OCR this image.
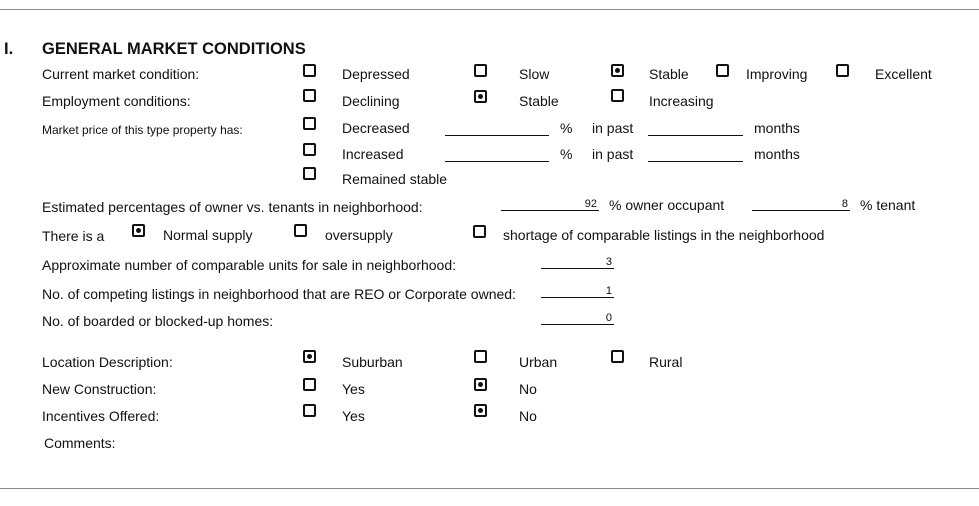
I. GENERAL MARKET CONDITIONS
Current market condition:	Depressed	Slow	Stable	Improving	Excellent
Employment conditions:	Declining	Stable	Increasing
Market price of this type property has:	Decreased	% in past	months
Increased	% in past	months
Remained stable
Estimated percentages of owner vs. tenants in neighborhood:	92 % owner occupant	8 % tenant
There is a	Normal supply	oversupply	shortage of comparable listings in the neighborhood
Approximate number of comparable units for sale in neighborhood:	3
No. of competing listings in neighborhood that are REO or Corporate owned:	1
No. of boarded or blocked-up homes:	0
Location Description:	Suburban	Urban	Rural
New Construction:	Yes	No
Incentives Offered:	Yes	No
Comments:
